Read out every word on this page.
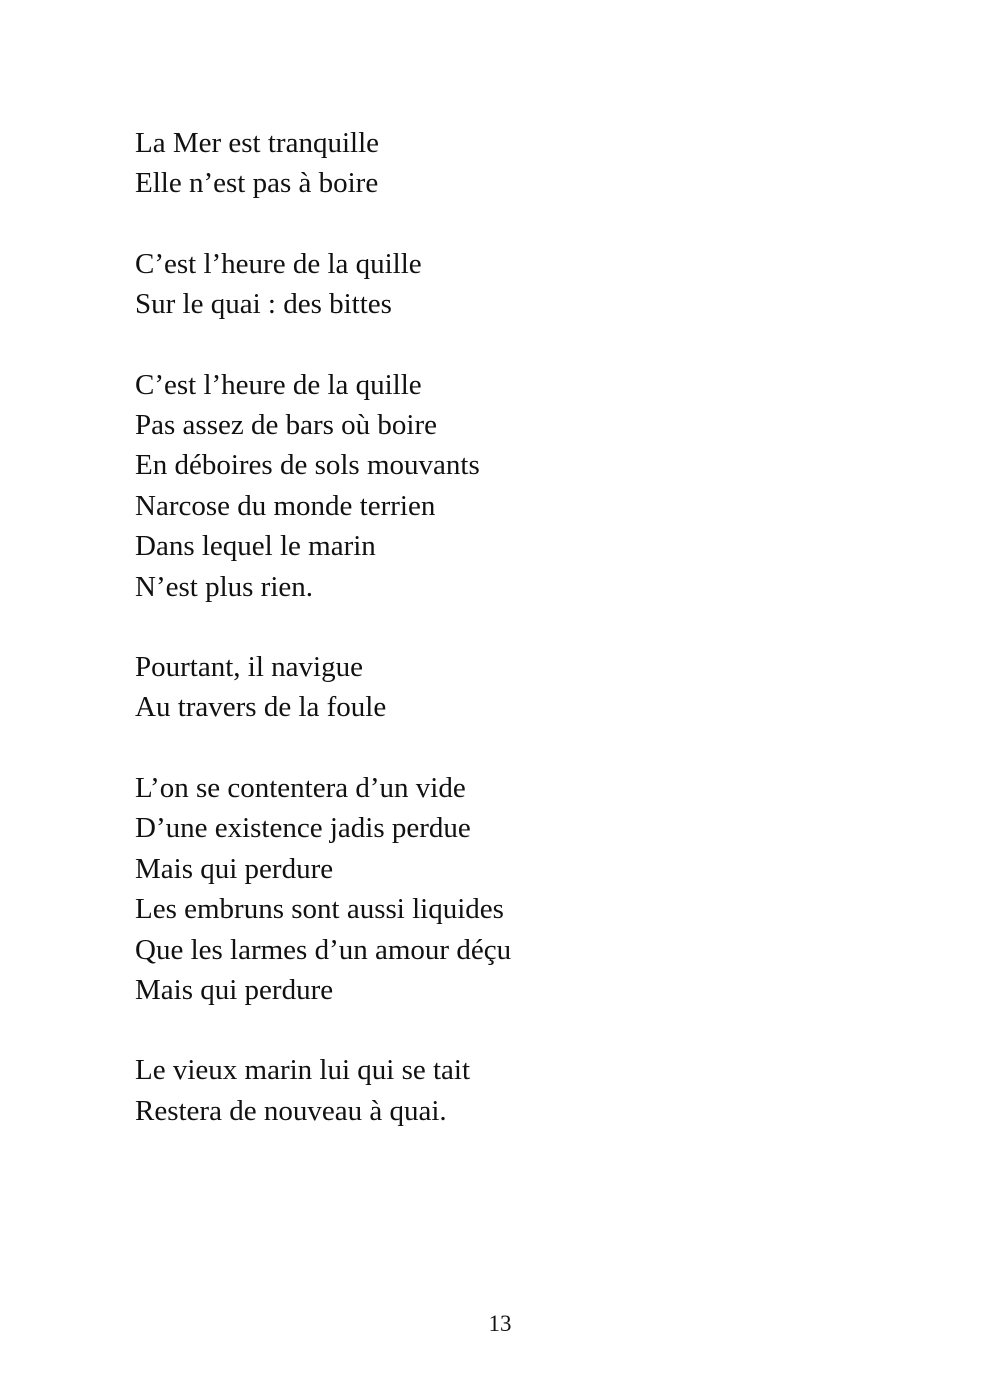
La Mer est tranquille
Elle n’est pas à boire
C’est l’heure de la quille
Sur le quai : des bittes
C’est l’heure de la quille
Pas assez de bars où boire
En déboires de sols mouvants
Narcose du monde terrien
Dans lequel le marin
N’est plus rien.
Pourtant, il navigue
Au travers de la foule
L’on se contentera d’un vide
D’une existence jadis perdue
Mais qui perdure
Les embruns sont aussi liquides
Que les larmes d’un amour déçu
Mais qui perdure
Le vieux marin lui qui se tait
Restera de nouveau à quai.
13
